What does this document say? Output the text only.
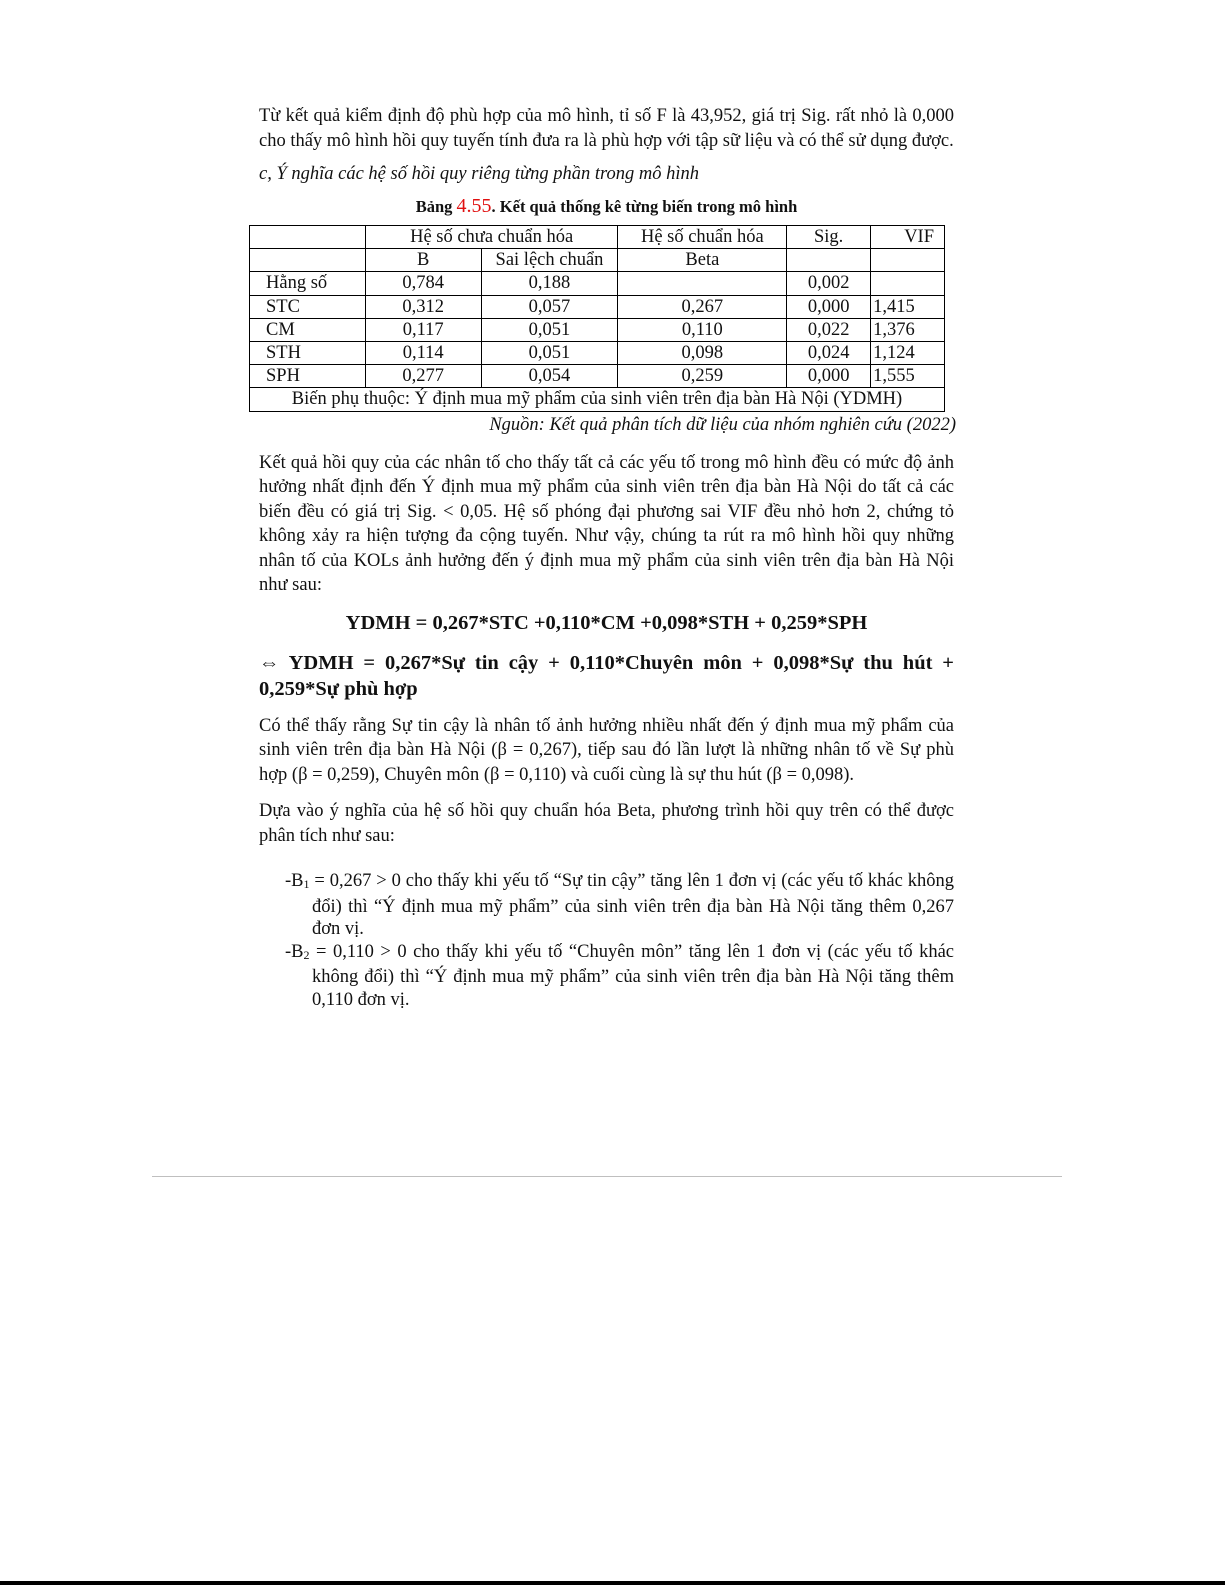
Từ kết quả kiểm định độ phù hợp của mô hình, tỉ số F là 43,952, giá trị Sig. rất nhỏ là 0,000 cho thấy mô hình hồi quy tuyến tính đưa ra là phù hợp với tập sữ liệu và có thể sử dụng được.

c, Ý nghĩa các hệ số hồi quy riêng từng phần trong mô hình

Bảng 4.55. Kết quả thống kê từng biến trong mô hình

	Hệ số chưa chuẩn hóa		Hệ số chuẩn hóa	Sig.	VIF
	B	Sai lệch chuẩn	Beta		
Hằng số	0,784	0,188		0,002	
STC	0,312	0,057	0,267	0,000	1,415
CM	0,117	0,051	0,110	0,022	1,376
STH	0,114	0,051	0,098	0,024	1,124
SPH	0,277	0,054	0,259	0,000	1,555
Biến phụ thuộc: Ý định mua mỹ phẩm của sinh viên trên địa bàn Hà Nội (YDMH)					

Nguồn: Kết quả phân tích dữ liệu của nhóm nghiên cứu (2022)

Kết quả hồi quy của các nhân tố cho thấy tất cả các yếu tố trong mô hình đều có mức độ ảnh hưởng nhất định đến Ý định mua mỹ phẩm của sinh viên trên địa bàn Hà Nội do tất cả các biến đều có giá trị Sig. < 0,05. Hệ số phóng đại phương sai VIF đều nhỏ hơn 2, chứng tỏ không xảy ra hiện tượng đa cộng tuyến. Như vậy, chúng ta rút ra mô hình hồi quy những nhân tố của KOLs ảnh hưởng đến ý định mua mỹ phẩm của sinh viên trên địa bàn Hà Nội như sau:

YDMH = 0,267*STC +0,110*CM +0,098*STH + 0,259*SPH

⇔ YDMH = 0,267*Sự tin cậy + 0,110*Chuyên môn + 0,098*Sự thu hút + 0,259*Sự phù hợp

Có thể thấy rằng Sự tin cậy là nhân tố ảnh hưởng nhiều nhất đến ý định mua mỹ phẩm của sinh viên trên địa bàn Hà Nội (β = 0,267), tiếp sau đó lần lượt là những nhân tố về Sự phù hợp (β = 0,259), Chuyên môn (β = 0,110) và cuối cùng là sự thu hút (β = 0,098).

Dựa vào ý nghĩa của hệ số hồi quy chuẩn hóa Beta, phương trình hồi quy trên có thể được phân tích như sau:

$-B_1 = 0,267 > 0$ cho thấy khi yếu tố “Sự tin cậy” tăng lên 1 đơn vị (các yếu tố khác không đổi) thì “Ý định mua mỹ phẩm” của sinh viên trên địa bàn Hà Nội tăng thêm 0,267 đơn vị.

$-B_2 = 0,110 > 0$ cho thấy khi yếu tố “Chuyên môn” tăng lên 1 đơn vị (các yếu tố khác không đổi) thì “Ý định mua mỹ phẩm” của sinh viên trên địa bàn Hà Nội tăng thêm 0,110 đơn vị.
